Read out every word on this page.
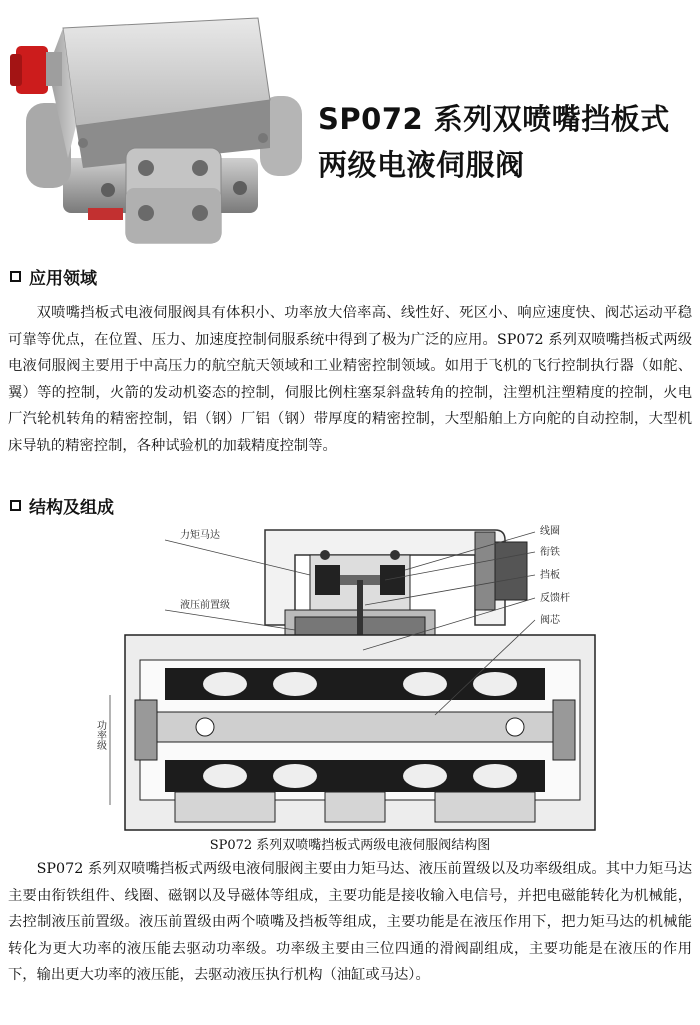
SP072 系列双喷嘴挡板式
两级电液伺服阀
应用领域

双喷嘴挡板式电液伺服阀具有体积小、功率放大倍率高、线性好、死区小、响应速度快、阀芯运动平稳可靠等优点，在位置、压力、加速度控制伺服系统中得到了极为广泛的应用。SP072 系列双喷嘴挡板式两级电液伺服阀主要用于中高压力的航空航天领域和工业精密控制领域。如用于飞机的飞行控制执行器（如舵、翼）等的控制，火箭的发动机姿态的控制，伺服比例柱塞泵斜盘转角的控制，注塑机注塑精度的控制，火电厂汽轮机转角的精密控制，铝（钢）厂铝（钢）带厚度的精密控制，大型船舶上方向舵的自动控制，大型机床导轨的精密控制，各种试验机的加载精度控制等。

结构及组成
力矩马达
液压前置级
功率级
线圈
衔铁
挡板
反馈杆
阀芯
SP072 系列双喷嘴挡板式两级电液伺服阀结构图

SP072 系列双喷嘴挡板式两级电液伺服阀主要由力矩马达、液压前置级以及功率级组成。其中力矩马达主要由衔铁组件、线圈、磁钢以及导磁体等组成，主要功能是接收输入电信号，并把电磁能转化为机械能，去控制液压前置级。液压前置级由两个喷嘴及挡板等组成，主要功能是在液压作用下，把力矩马达的机械能转化为更大功率的液压能去驱动功率级。功率级主要由三位四通的滑阀副组成，主要功能是在液压的作用下，输出更大功率的液压能，去驱动液压执行机构（油缸或马达）。
